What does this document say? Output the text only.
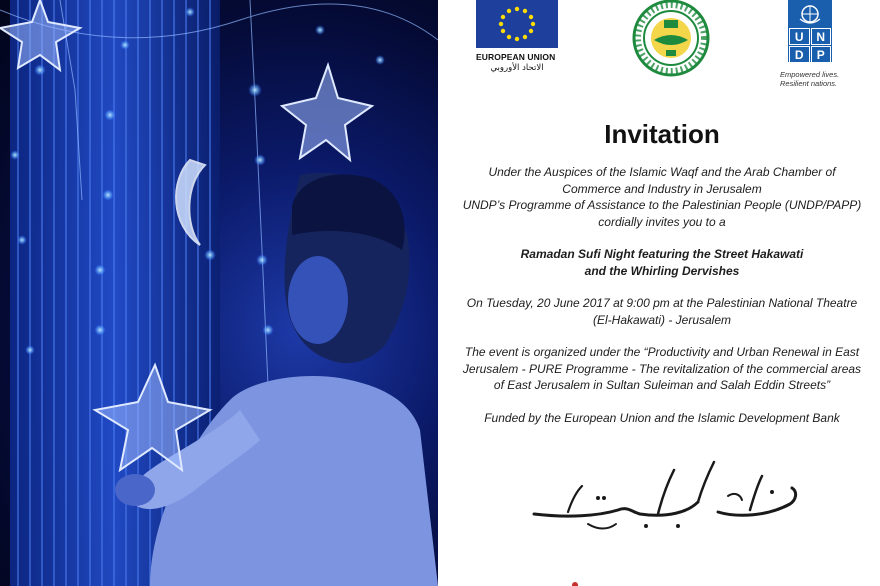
EUROPEAN UNION
الاتحاد الأوروبي
U	N
D	P
Empowered lives.
Resilient nations.
Invitation

Under the Auspices of the Islamic Waqf and the Arab Chamber of

Commerce and Industry in Jerusalem

UNDP’s Programme of Assistance to the Palestinian People (UNDP/PAPP)

cordially invites you to a

Ramadan Sufi Night featuring the Street Hakawati

and the Whirling Dervishes

On Tuesday, 20 June 2017 at 9:00 pm at the Palestinian National Theatre

(El-Hakawati) - Jerusalem

The event is organized under the “Productivity and Urban Renewal in East

Jerusalem - PURE Programme - The revitalization of the commercial areas

of East Jerusalem in Sultan Suleiman and Salah Eddin Streets”

Funded by the European Union and the Islamic Development Bank
